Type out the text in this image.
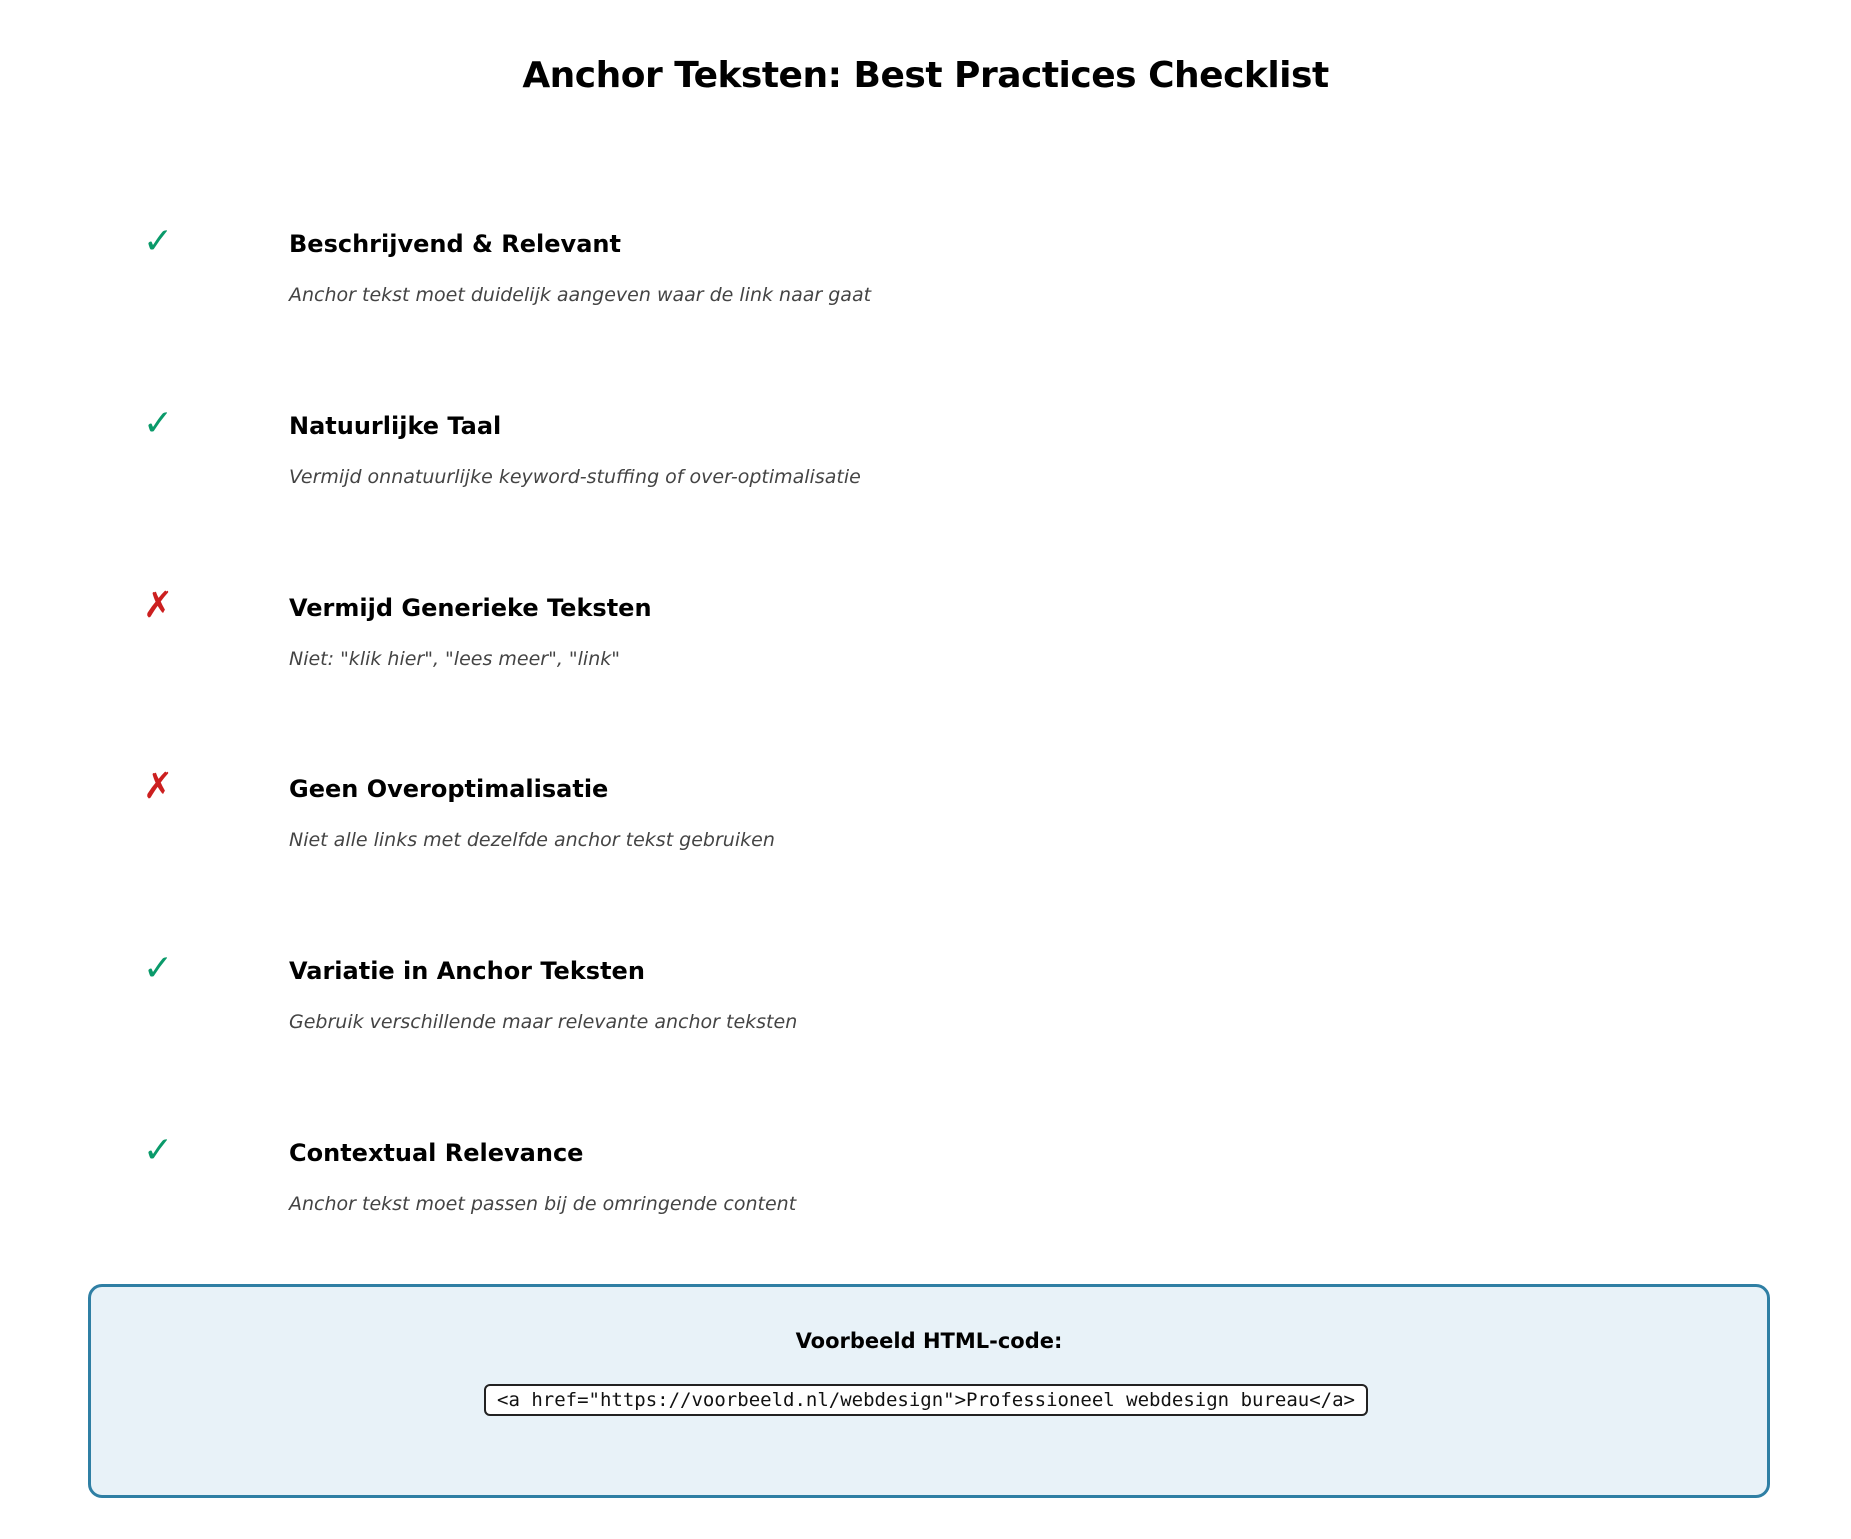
Anchor Teksten: Best Practices Checklist
✓	Beschrijvend & Relevant
Anchor tekst moet duidelijk aangeven waar de link naar gaat
✓	Natuurlijke Taal
Vermijd onnatuurlijke keyword-stuffing of over-optimalisatie
✗	Vermijd Generieke Teksten
Niet: "klik hier", "lees meer", "link"
✗	Geen Overoptimalisatie
Niet alle links met dezelfde anchor tekst gebruiken
✓	Variatie in Anchor Teksten
Gebruik verschillende maar relevante anchor teksten
✓	Contextual Relevance
Anchor tekst moet passen bij de omringende content
Voorbeeld HTML-code:
<a href="https://voorbeeld.nl/webdesign">Professioneel webdesign bureau</a>
